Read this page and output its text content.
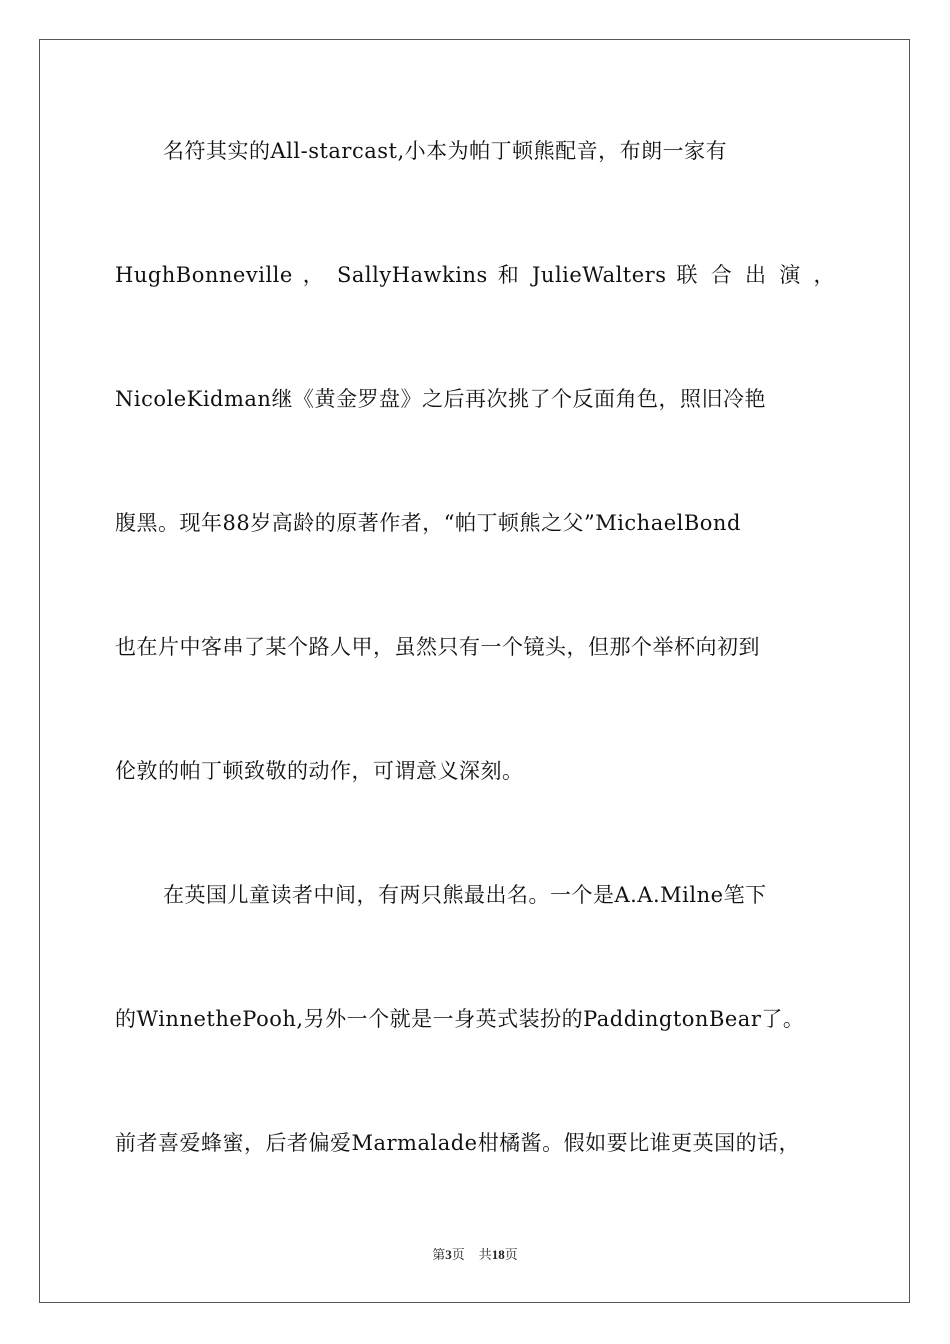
名符其实的All-starcast,小本为帕丁顿熊配音，布朗一家有
HughBonneville ， SallyHawkins 和 JulieWalters 联 合 出 演 ，
NicoleKidman继《黄金罗盘》之后再次挑了个反面角色，照旧冷艳
腹黑。现年88岁高龄的原著作者，“帕丁顿熊之父”MichaelBond
也在片中客串了某个路人甲，虽然只有一个镜头，但那个举杯向初到
伦敦的帕丁顿致敬的动作，可谓意义深刻。
在英国儿童读者中间，有两只熊最出名。一个是A.A.Milne笔下
的WinnethePooh,另外一个就是一身英式装扮的PaddingtonBear了。
前者喜爱蜂蜜，后者偏爱Marmalade柑橘酱。假如要比谁更英国的话，
第3页 共18页
